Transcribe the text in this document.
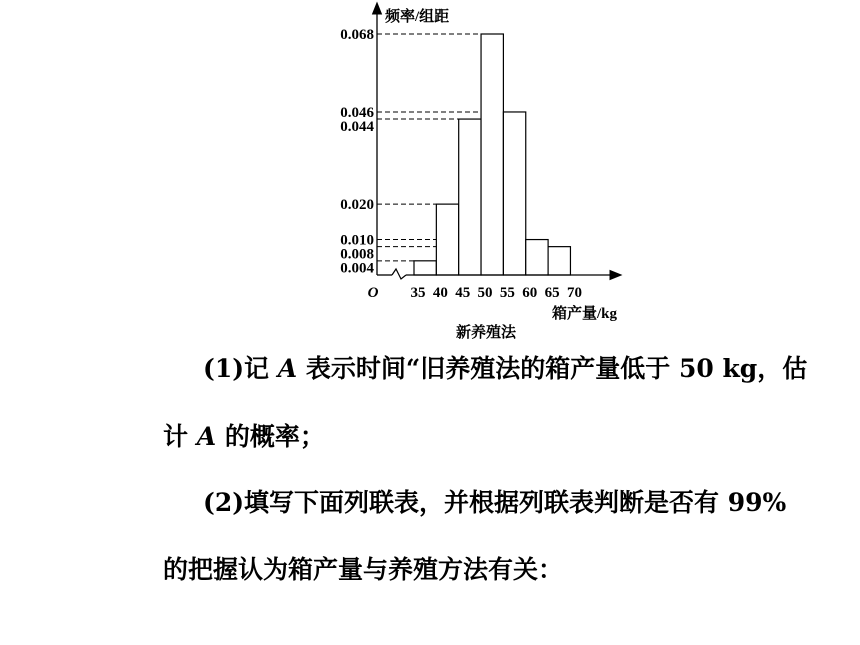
0.068
0.046
0.044
0.020
0.010
0.008
0.004
35 40 45 50 55 60 65 70
O
频率/组距
箱产量/kg
新养殖法
(1)记 A 表示时间“旧养殖法的箱产量低于 50 kg，估
计 A 的概率；
(2)填写下面列联表，并根据列联表判断是否有 99%
的把握认为箱产量与养殖方法有关：
